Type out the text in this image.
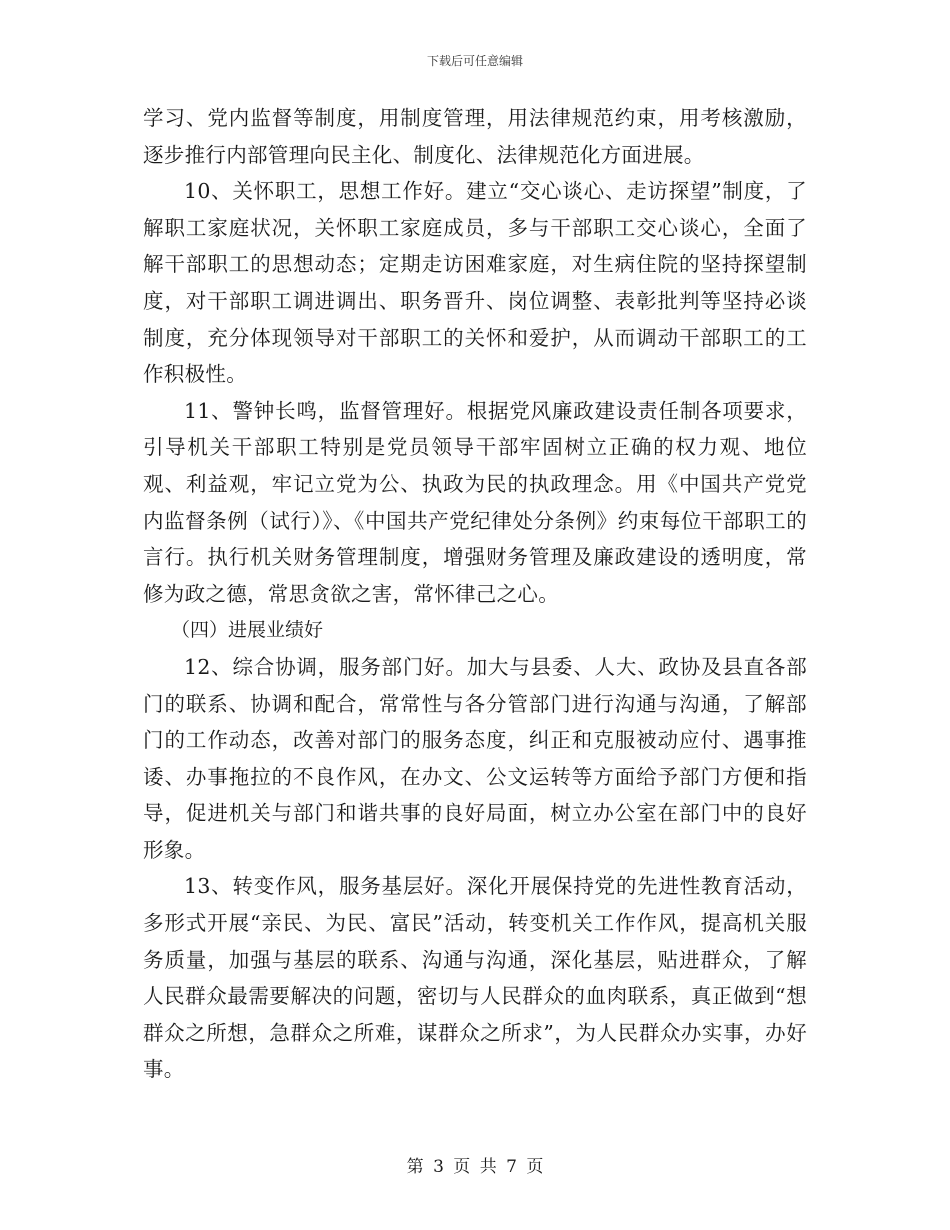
下载后可任意编辑

学习、党内监督等制度，用制度管理，用法律规范约束，用考核激励，逐步推行内部管理向民主化、制度化、法律规范化方面进展。

10、关怀职工，思想工作好。建立“交心谈心、走访探望”制度，了解职工家庭状况，关怀职工家庭成员，多与干部职工交心谈心，全面了解干部职工的思想动态；定期走访困难家庭，对生病住院的坚持探望制度，对干部职工调进调出、职务晋升、岗位调整、表彰批判等坚持必谈制度，充分体现领导对干部职工的关怀和爱护，从而调动干部职工的工作积极性。

11、警钟长鸣，监督管理好。根据党风廉政建设责任制各项要求，引导机关干部职工特别是党员领导干部牢固树立正确的权力观、地位观、利益观，牢记立党为公、执政为民的执政理念。用《中国共产党党内监督条例（试行）》、《中国共产党纪律处分条例》约束每位干部职工的言行。执行机关财务管理制度，增强财务管理及廉政建设的透明度，常修为政之德，常思贪欲之害，常怀律己之心。

（四）进展业绩好

12、综合协调，服务部门好。加大与县委、人大、政协及县直各部门的联系、协调和配合，常常性与各分管部门进行沟通与沟通，了解部门的工作动态，改善对部门的服务态度，纠正和克服被动应付、遇事推诿、办事拖拉的不良作风，在办文、公文运转等方面给予部门方便和指导，促进机关与部门和谐共事的良好局面，树立办公室在部门中的良好形象。

13、转变作风，服务基层好。深化开展保持党的先进性教育活动，多形式开展“亲民、为民、富民”活动，转变机关工作作风，提高机关服务质量，加强与基层的联系、沟通与沟通，深化基层，贴进群众，了解人民群众最需要解决的问题，密切与人民群众的血肉联系，真正做到“想群众之所想，急群众之所难，谋群众之所求”，为人民群众办实事，办好事。

第 3 页 共 7 页
